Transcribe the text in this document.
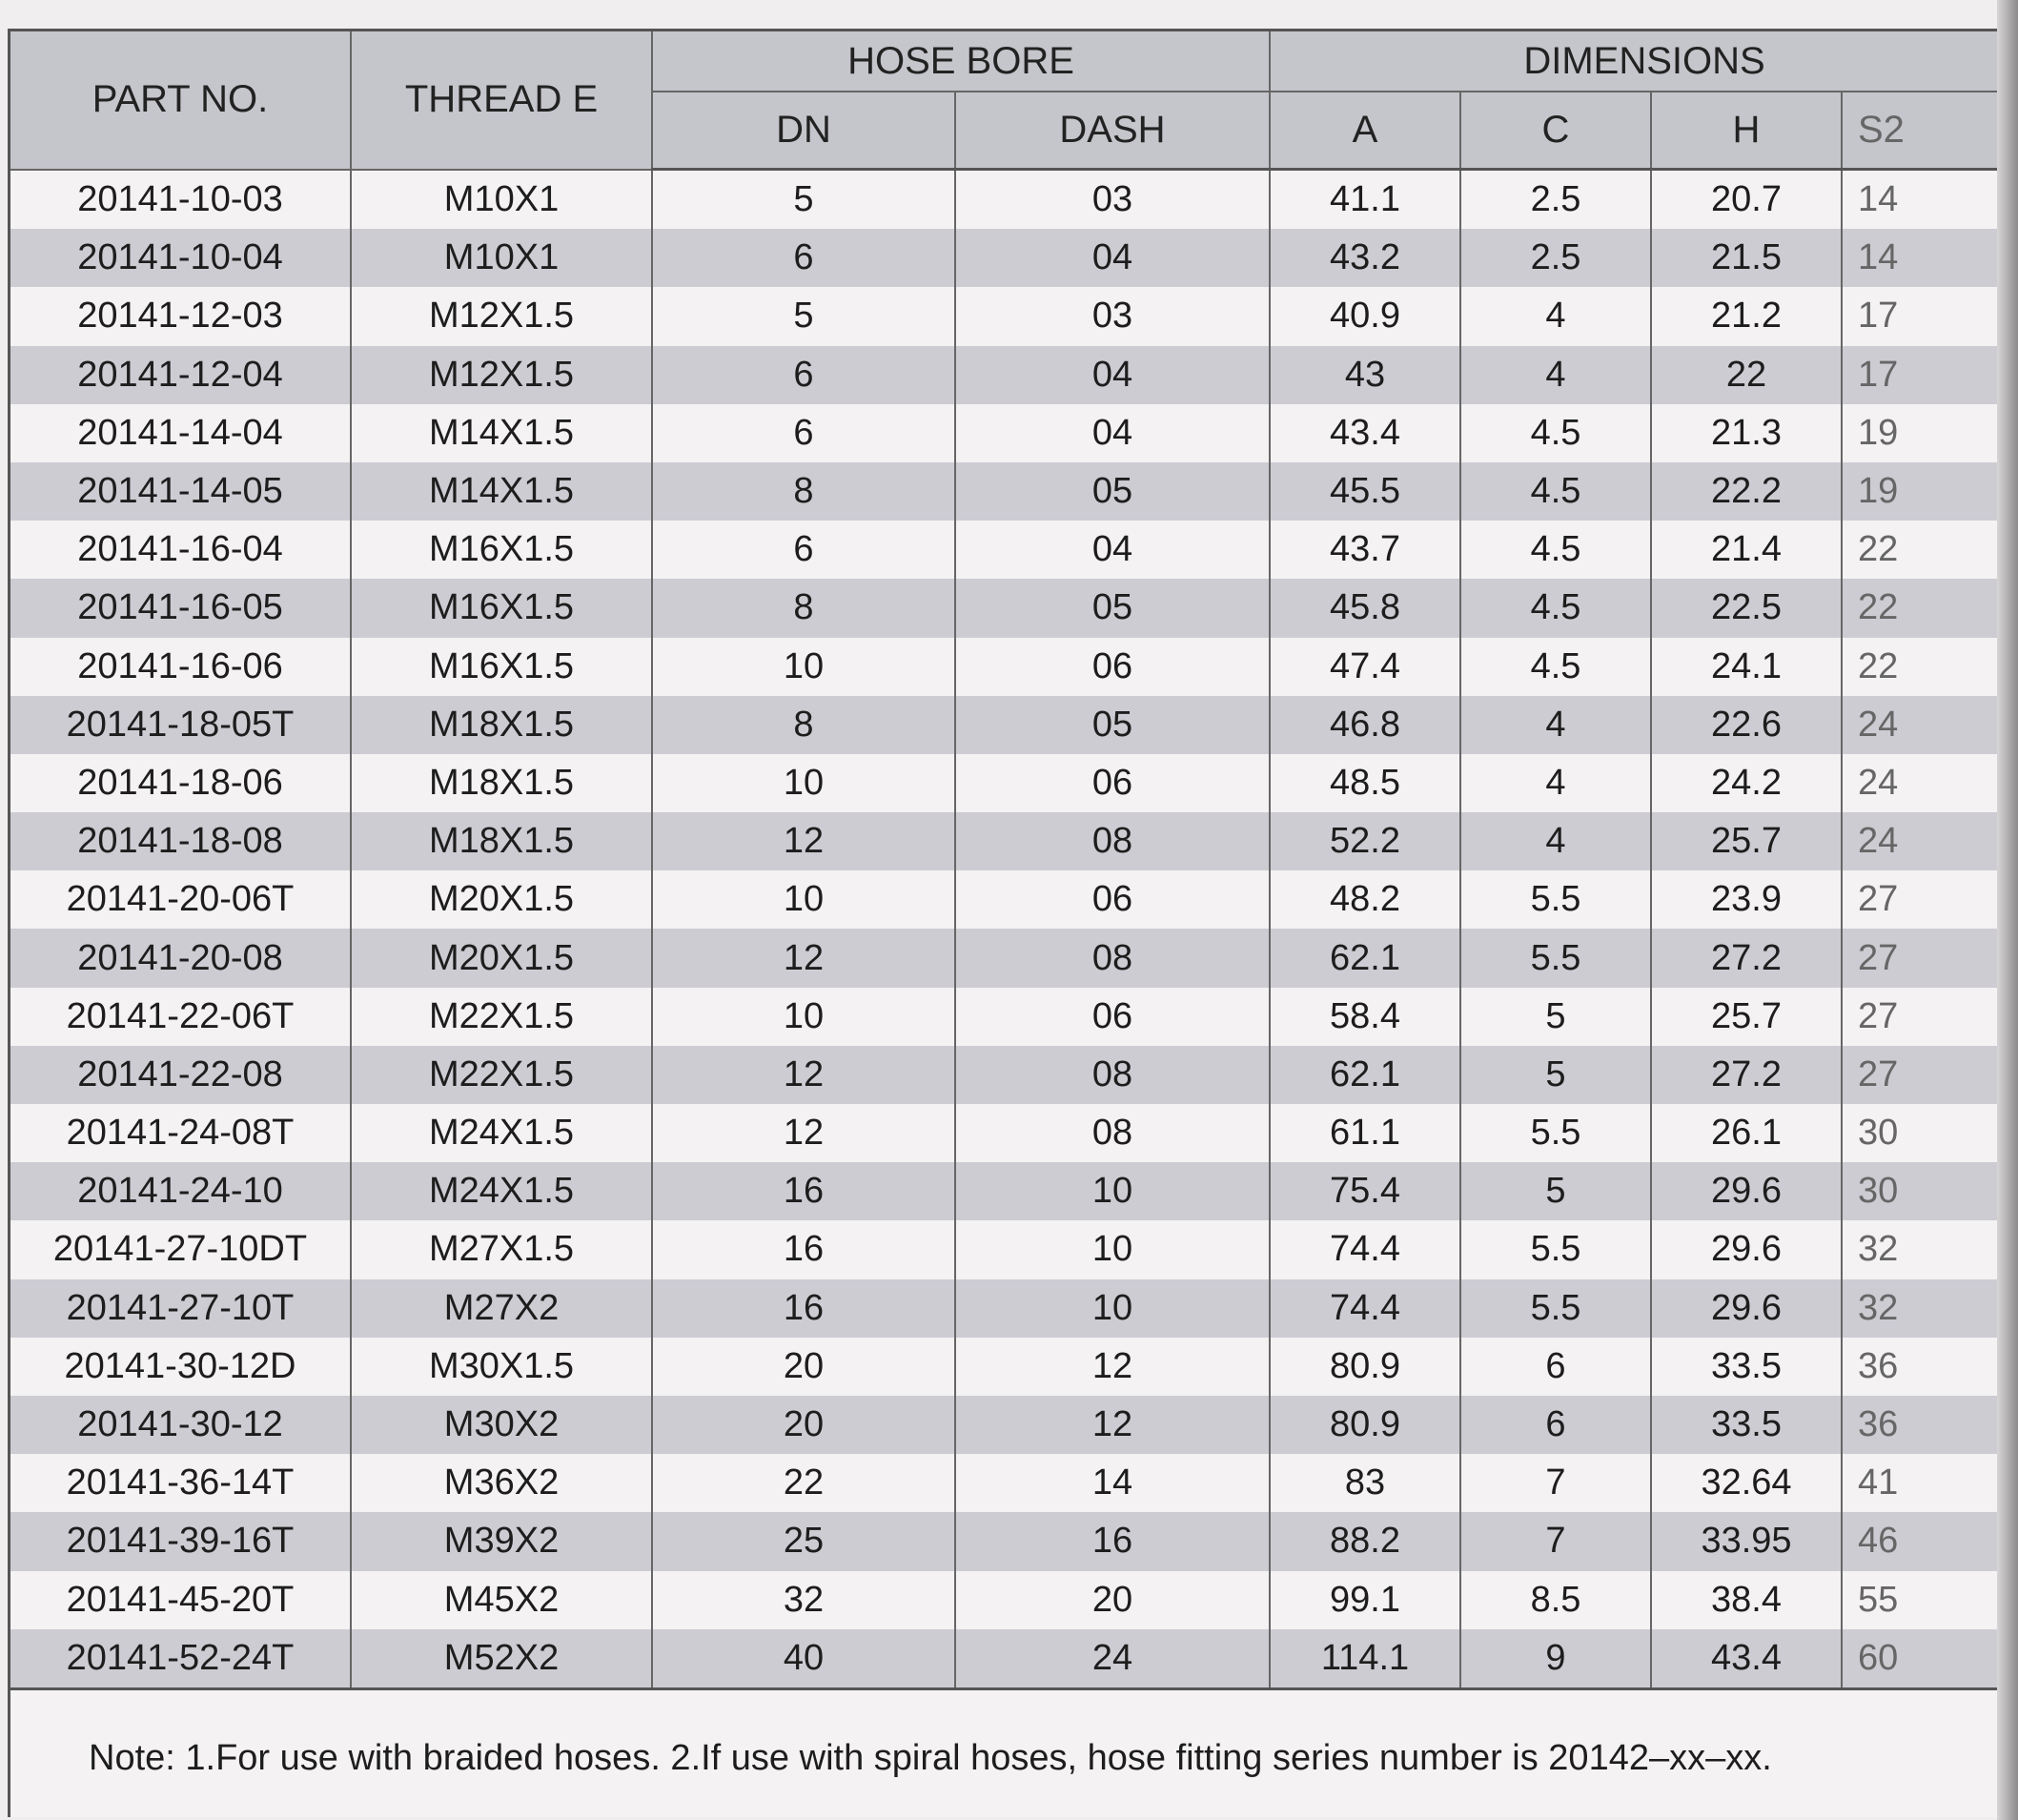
PART NO.	THREAD E	HOSE BORE		DIMENSIONS			
		DN	DASH	A	C	H	S2
20141-10-03	M10X1	5	03	41.1	2.5	20.7	14
20141-10-04	M10X1	6	04	43.2	2.5	21.5	14
20141-12-03	M12X1.5	5	03	40.9	4	21.2	17
20141-12-04	M12X1.5	6	04	43	4	22	17
20141-14-04	M14X1.5	6	04	43.4	4.5	21.3	19
20141-14-05	M14X1.5	8	05	45.5	4.5	22.2	19
20141-16-04	M16X1.5	6	04	43.7	4.5	21.4	22
20141-16-05	M16X1.5	8	05	45.8	4.5	22.5	22
20141-16-06	M16X1.5	10	06	47.4	4.5	24.1	22
20141-18-05T	M18X1.5	8	05	46.8	4	22.6	24
20141-18-06	M18X1.5	10	06	48.5	4	24.2	24
20141-18-08	M18X1.5	12	08	52.2	4	25.7	24
20141-20-06T	M20X1.5	10	06	48.2	5.5	23.9	27
20141-20-08	M20X1.5	12	08	62.1	5.5	27.2	27
20141-22-06T	M22X1.5	10	06	58.4	5	25.7	27
20141-22-08	M22X1.5	12	08	62.1	5	27.2	27
20141-24-08T	M24X1.5	12	08	61.1	5.5	26.1	30
20141-24-10	M24X1.5	16	10	75.4	5	29.6	30
20141-27-10DT	M27X1.5	16	10	74.4	5.5	29.6	32
20141-27-10T	M27X2	16	10	74.4	5.5	29.6	32
20141-30-12D	M30X1.5	20	12	80.9	6	33.5	36
20141-30-12	M30X2	20	12	80.9	6	33.5	36
20141-36-14T	M36X2	22	14	83	7	32.64	41
20141-39-16T	M39X2	25	16	88.2	7	33.95	46
20141-45-20T	M45X2	32	20	99.1	8.5	38.4	55
20141-52-24T	M52X2	40	24	114.1	9	43.4	60
Note: 1.For use with braided hoses. 2.If use with spiral hoses, hose fitting series number is 20142–xx–xx.
